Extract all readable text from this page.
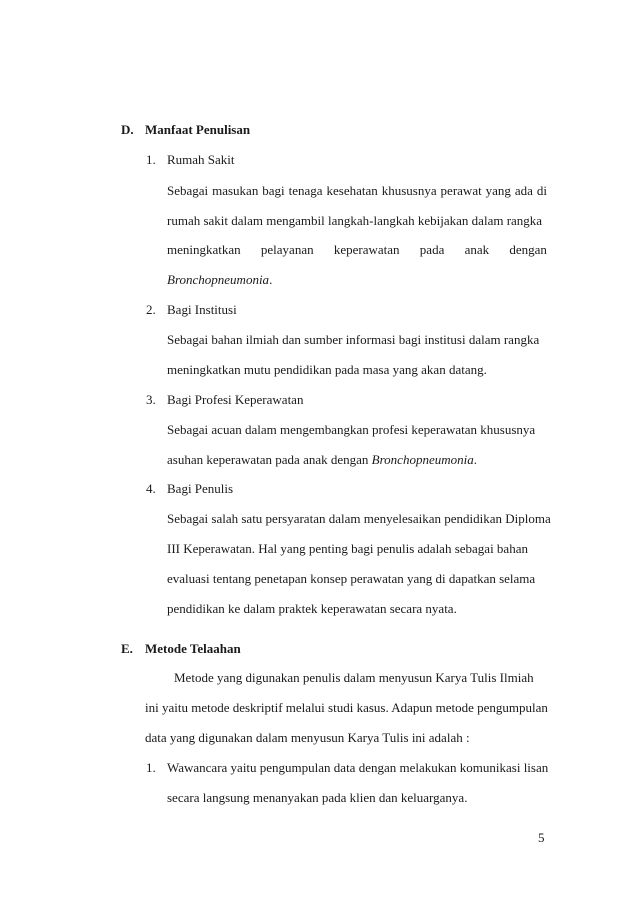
D. Manfaat Penulisan
1. Rumah Sakit
Sebagai masukan bagi tenaga kesehatan khususnya perawat yang ada di
rumah sakit dalam mengambil langkah-langkah kebijakan dalam rangka
meningkatkan pelayanan keperawatan pada anak dengan
Bronchopneumonia.
2. Bagi Institusi
Sebagai bahan ilmiah dan sumber informasi bagi institusi dalam rangka
meningkatkan mutu pendidikan pada masa yang akan datang.
3. Bagi Profesi Keperawatan
Sebagai acuan dalam mengembangkan profesi keperawatan khususnya
asuhan keperawatan pada anak dengan Bronchopneumonia.
4. Bagi Penulis
Sebagai salah satu persyaratan dalam menyelesaikan pendidikan Diploma
III Keperawatan. Hal yang penting bagi penulis adalah sebagai bahan
evaluasi tentang penetapan konsep perawatan yang di dapatkan selama
pendidikan ke dalam praktek keperawatan secara nyata.
E. Metode Telaahan
Metode yang digunakan penulis dalam menyusun Karya Tulis Ilmiah
ini yaitu metode deskriptif melalui studi kasus. Adapun metode pengumpulan
data yang digunakan dalam menyusun Karya Tulis ini adalah :
1. Wawancara yaitu pengumpulan data dengan melakukan komunikasi lisan
secara langsung menanyakan pada klien dan keluarganya.
5
